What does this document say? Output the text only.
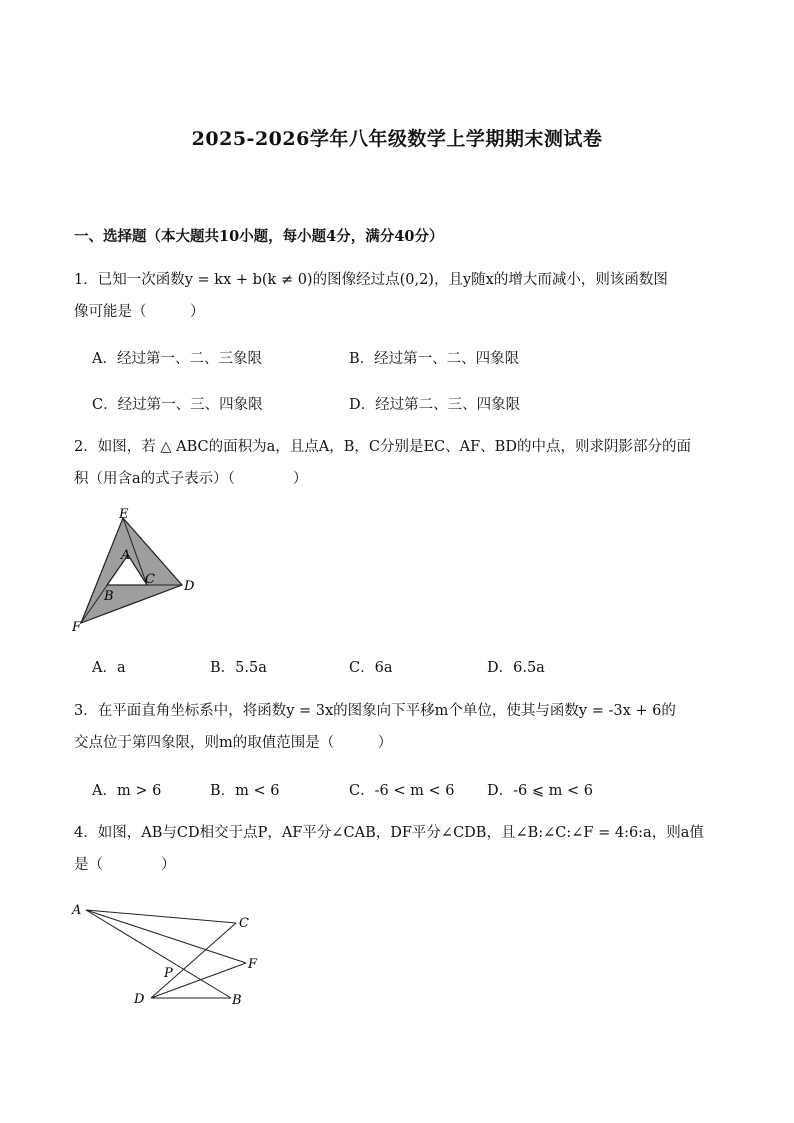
2025-2026学年八年级数学上学期期末测试卷
一、选择题（本大题共10小题，每小题4分，满分40分）
1．已知一次函数y = kx + b(k ≠ 0)的图像经过点(0,2)，且y随x的增大而减小，则该函数图
像可能是（　　　）
A．经过第一、二、三象限	B．经过第一、二、四象限
C．经过第一、三、四象限	D．经过第二、三、四象限
2．如图，若 △ ABC的面积为a，且点A，B，C分别是EC、AF、BD的中点，则求阴影部分的面
积（用含a的式子表示）（　　　　）
E
A
C D
B
F
A．a	B．5.5a	C．6a	D．6.5a
3．在平面直角坐标系中，将函数y = 3x的图象向下平移m个单位，使其与函数y = -3x + 6的
交点位于第四象限，则m的取值范围是（　　　）
A．m > 6	B．m < 6	C．-6 < m < 6 D．-6 ⩽ m < 6
4．如图，AB与CD相交于点P，AF平分∠CAB，DF平分∠CDB，且∠B:∠C:∠F = 4:6:a，则a值
是（　　　　）
A
C
F
P
D	B
